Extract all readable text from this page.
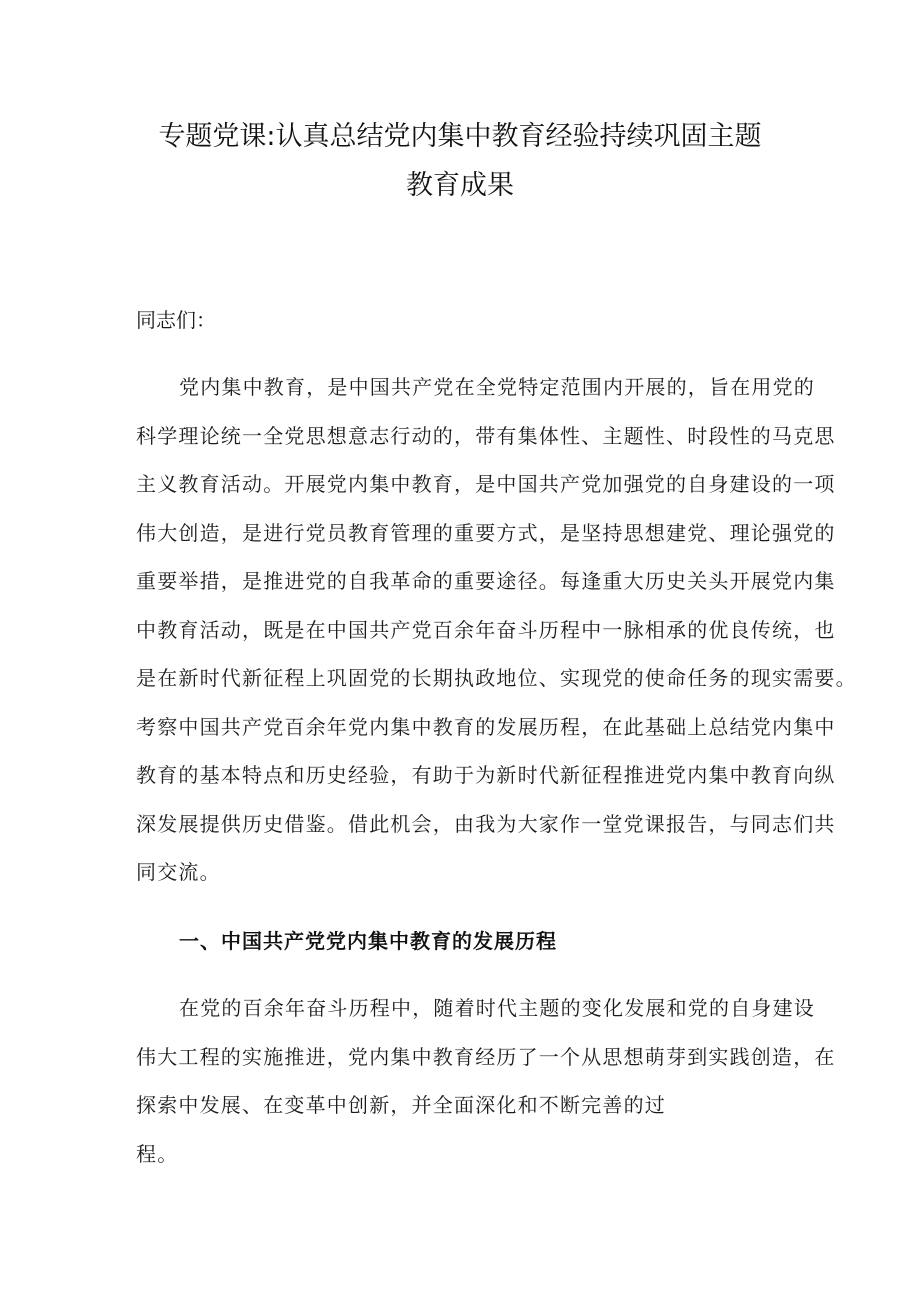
专题党课:认真总结党内集中教育经验持续巩固主题
教育成果
同志们：
党内集中教育，是中国共产党在全党特定范围内开展的，旨在用党的
科学理论统一全党思想意志行动的，带有集体性、主题性、时段性的马克思
主义教育活动。开展党内集中教育，是中国共产党加强党的自身建设的一项
伟大创造，是进行党员教育管理的重要方式，是坚持思想建党、理论强党的
重要举措，是推进党的自我革命的重要途径。每逢重大历史关头开展党内集
中教育活动，既是在中国共产党百余年奋斗历程中一脉相承的优良传统，也
是在新时代新征程上巩固党的长期执政地位、实现党的使命任务的现实需要。
考察中国共产党百余年党内集中教育的发展历程，在此基础上总结党内集中
教育的基本特点和历史经验，有助于为新时代新征程推进党内集中教育向纵
深发展提供历史借鉴。借此机会，由我为大家作一堂党课报告，与同志们共
同交流。
一、中国共产党党内集中教育的发展历程
在党的百余年奋斗历程中，随着时代主题的变化发展和党的自身建设
伟大工程的实施推进，党内集中教育经历了一个从思想萌芽到实践创造，在
探索中发展、在变革中创新，并全面深化和不断完善的过
程。
